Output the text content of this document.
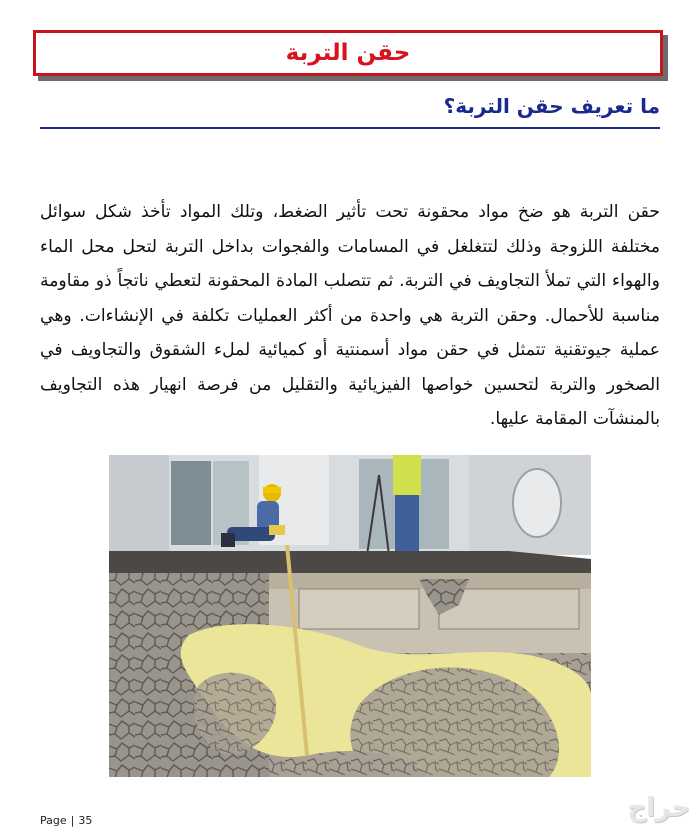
حقن التربة
ما تعريف حقن التربة؟

حقن التربة هو ضخ مواد محقونة تحت تأثير الضغط، وتلك المواد تأخذ شكل سوائل مختلفة اللزوجة وذلك لتتغلغل في المسامات والفجوات بداخل التربة لتحل محل الماء والهواء التي تملأ التجاويف في التربة. ثم تتصلب المادة المحقونة لتعطي ناتجاً ذو مقاومة مناسبة للأحمال. وحقن التربة هي واحدة من أكثر العمليات تكلفة في الإنشاءات. وهي عملية جيوتقنية تتمثل في حقن مواد أسمنتية أو كميائية لملء الشقوق والتجاويف في الصخور والتربة لتحسين خواصها الفيزيائية والتقليل من فرصة انهيار هذه التجاويف بالمنشآت المقامة عليها.

Page | 35	حراج
